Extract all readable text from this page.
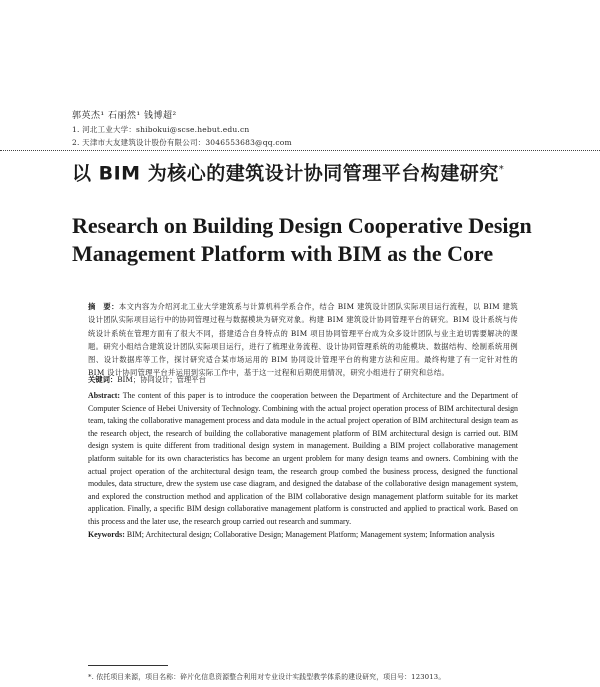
郭英杰¹ 石丽然¹ 钱博超²
1. 河北工业大学：shibokui@scse.hebut.edu.cn
2. 天津市大友建筑设计股份有限公司：3046553683@qq.com
以 BIM 为核心的建筑设计协同管理平台构建研究*
Research on Building Design Cooperative Design Management Platform with BIM as the Core
摘　要：本文内容为介绍河北工业大学建筑系与计算机科学系合作，结合 BIM 建筑设计团队实际项目运行流程，以 BIM 建筑设计团队实际项目运行中的协同管理过程与数据模块为研究对象。构建 BIM 建筑设计协同管理平台的研究。BIM 设计系统与传统设计系统在管理方面有了很大不同，搭建适合自身特点的 BIM 项目协同管理平台成为众多设计团队与业主迫切需要解决的课题。研究小组结合建筑设计团队实际项目运行，进行了梳理业务流程、设计协同管理系统的功能模块、数据结构、绘制系统用例图、设计数据库等工作，探讨研究适合某市场运用的 BIM 协同设计管理平台的构建方法和应用。最终构建了有一定针对性的 BIM 设计协同管理平台并运用到实际工作中，基于这一过程和后期使用情况，研究小组进行了研究和总结。
关键词：BIM；协同设计；管理平台
Abstract: The content of this paper is to introduce the cooperation between the Department of Architecture and the Department of Computer Science of Hebei University of Technology. Combining with the actual project operation process of BIM architectural design team, taking the collaborative management process and data module in the actual project operation of BIM architectural design team as the research object, the research of building the collaborative management platform of BIM architectural design is carried out. BIM design system is quite different from traditional design system in management. Building a BIM project collaborative management platform suitable for its own characteristics has become an urgent problem for many design teams and owners. Combining with the actual project operation of the architectural design team, the research group combed the business process, designed the functional modules, data structure, drew the system use case diagram, and designed the database of the collaborative design management system, and explored the construction method and application of the BIM collaborative design management platform suitable for its market application. Finally, a specific BIM design collaborative management platform is constructed and applied to practical work. Based on this process and the later use, the research group carried out research and summary.
Keywords: BIM; Architectural design; Collaborative Design; Management Platform; Management system; Information analysis
*. 依托项目来源，项目名称：碎片化信息资源整合利用对专业设计实践型教学体系的建设研究，项目号：123013。
